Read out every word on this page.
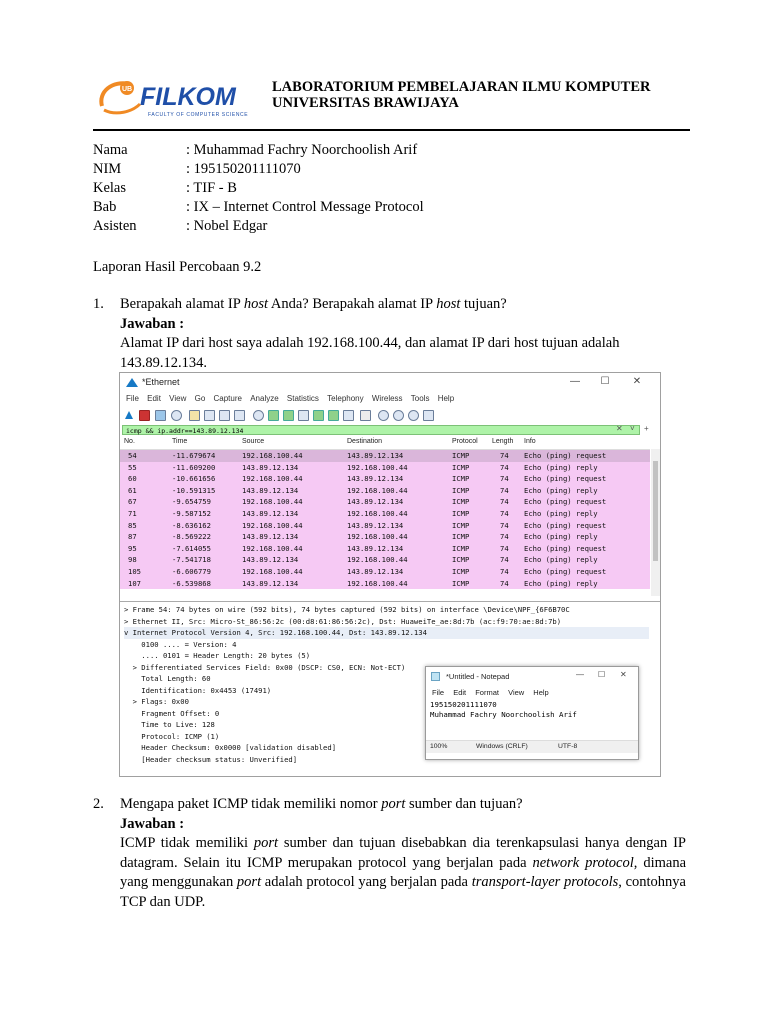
UB FILKOM
FACULTY OF COMPUTER SCIENCE
LABORATORIUM PEMBELAJARAN ILMU KOMPUTER
UNIVERSITAS BRAWIJAYA
Nama	: Muhammad Fachry Noorchoolish Arif
NIM	: 195150201111070
Kelas	: TIF - B
Bab	: IX – Internet Control Message Protocol
Asisten	: Nobel Edgar
Laporan Hasil Percobaan 9.2
1. Berapakah alamat IP host Anda? Berapakah alamat IP host tujuan?
Jawaban :
Alamat IP dari host saya adalah 192.168.100.44, dan alamat IP dari host tujuan adalah
143.89.12.134.
*Ethernet	— ☐ ✕
File Edit View Go Capture Analyze Statistics Telephony Wireless Tools Help
icmp && ip.addr==143.89.12.134	✕ ˅ +
No.	Time	Source	Destination	Protocol Length Info
54	-11.679674	192.168.100.44	143.89.12.134	ICMP	74 Echo (ping) request
55	-11.609200	143.89.12.134	192.168.100.44	ICMP	74 Echo (ping) reply
60	-10.661656	192.168.100.44	143.89.12.134	ICMP	74 Echo (ping) request
61	-10.591315	143.89.12.134	192.168.100.44	ICMP	74 Echo (ping) reply
67	-9.654759	192.168.100.44	143.89.12.134	ICMP	74 Echo (ping) request
71	-9.587152	143.89.12.134	192.168.100.44	ICMP	74 Echo (ping) reply
85	-8.636162	192.168.100.44	143.89.12.134	ICMP	74 Echo (ping) request
87	-8.569222	143.89.12.134	192.168.100.44	ICMP	74 Echo (ping) reply
95	-7.614055	192.168.100.44	143.89.12.134	ICMP	74 Echo (ping) request
98	-7.541718	143.89.12.134	192.168.100.44	ICMP	74 Echo (ping) reply
105	-6.606779	192.168.100.44	143.89.12.134	ICMP	74 Echo (ping) request
107	-6.539868	143.89.12.134	192.168.100.44	ICMP	74 Echo (ping) reply
> Frame 54: 74 bytes on wire (592 bits), 74 bytes captured (592 bits) on interface \Device\NPF_{6F6B70C
> Ethernet II, Src: Micro-St_86:56:2c (00:d8:61:86:56:2c), Dst: HuaweiTe_ae:8d:7b (ac:f9:70:ae:8d:7b)
v Internet Protocol Version 4, Src: 192.168.100.44, Dst: 143.89.12.134
0100 .... = Version: 4
.... 0101 = Header Length: 20 bytes (5)
> Differentiated Services Field: 0x00 (DSCP: CS0, ECN: Not-ECT)
Total Length: 60
Identification: 0x4453 (17491)
> Flags: 0x00
Fragment Offset: 0
Time to Live: 128
Protocol: ICMP (1)
Header Checksum: 0x0000 [validation disabled]
[Header checksum status: Unverified]
*Untitled - Notepad	— ☐ ✕
File Edit Format View Help
195150201111070
Muhammad Fachry Noorchoolish Arif
100%	Windows (CRLF)	UTF-8
2. Mengapa paket ICMP tidak memiliki nomor port sumber dan tujuan?
Jawaban :
ICMP tidak memiliki port sumber dan tujuan disebabkan dia terenkapsulasi hanya dengan IP datagram. Selain itu ICMP merupakan protocol yang berjalan pada network protocol, dimana yang menggunakan port adalah protocol yang berjalan pada transport-layer protocols, contohnya TCP dan UDP.
